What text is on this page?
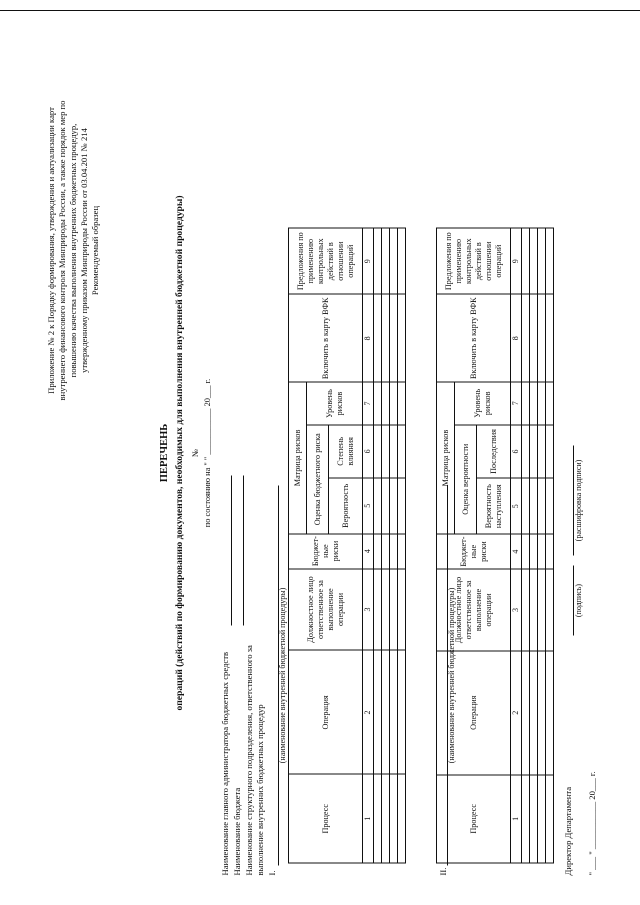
Приложение № 2 к Порядку формирования, утверждения и актуализации карт внутреннего финансового контроля Минприроды России, а также порядок мер по повышению качества выполнения внутренних бюджетных процедур, утвержденному приказом Минприроды России от 03.04.201 № 214 Рекомендуемый образец
ПЕРЕЧЕНЬ операций (действий по формированию документов, необходимых для выполнения внутренней бюджетной процедуры) № по состоянию на " " ___________ 20___ г.
Наименование главного администратора бюджетных средств Наименование бюджета Наименование структурного подразделения, ответственного за выполнение внутренних бюджетных процедур I.
(наименование внутренней бюджетной процедуры)
Процесс	Операция	Должностное лицо ответственное за выполнение операции	Бюджет-ные риски	Матрица рисков			Включить в карту ВФК	Предложения по применению контрольных действий в отношении операций
				Оценка бюджетного риска		Уровень рисков		
				Вероятность	Степень влияния			
1	2	3	4	5	6	7	8	9

II.
(наименование внутренней бюджетной процедуры)
Процесс	Операция	Должностное лицо ответственное за выполнение операции	Бюджет-ные риски	Матрица рисков			Включить в карту ВФК	Предложения по применению контрольных действий в отношении операций
				Оценка вероятности		Уровень рисков		
				Вероятность наступления	Последствия			
1	2	3	4	5	6	7	8	9

Директор Департамента
(подпись)
(расшифровка подписи)
" ___ " ___________ 20___ г.
